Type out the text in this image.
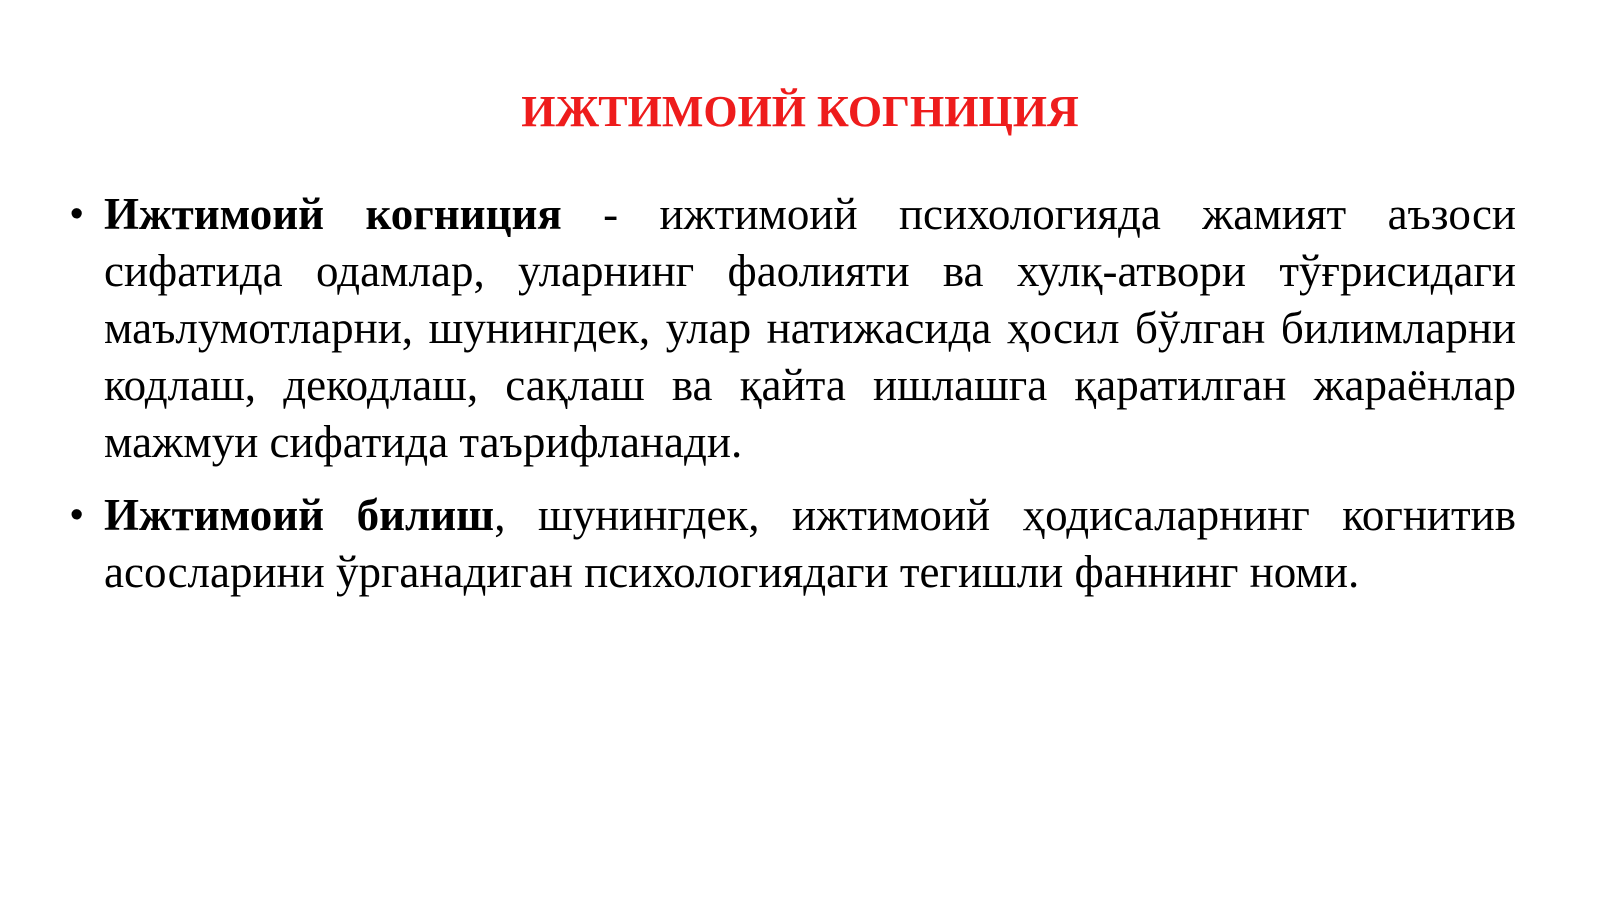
ИЖТИМОИЙ КОГНИЦИЯ
• Ижтимоий когниция - ижтимоий психологияда жамият аъзоси сифатида одамлар, уларнинг фаолияти ва хулқ-атвори тўғрисидаги маълумотларни, шунингдек, улар натижасида ҳосил бўлган билимларни кодлаш, декодлаш, сақлаш ва қайта ишлашга қаратилган жараёнлар мажмуи сифатида таърифланади.
• Ижтимоий билиш, шунингдек, ижтимоий ҳодисаларнинг когнитив асосларини ўрганадиган психологиядаги тегишли фаннинг номи.
